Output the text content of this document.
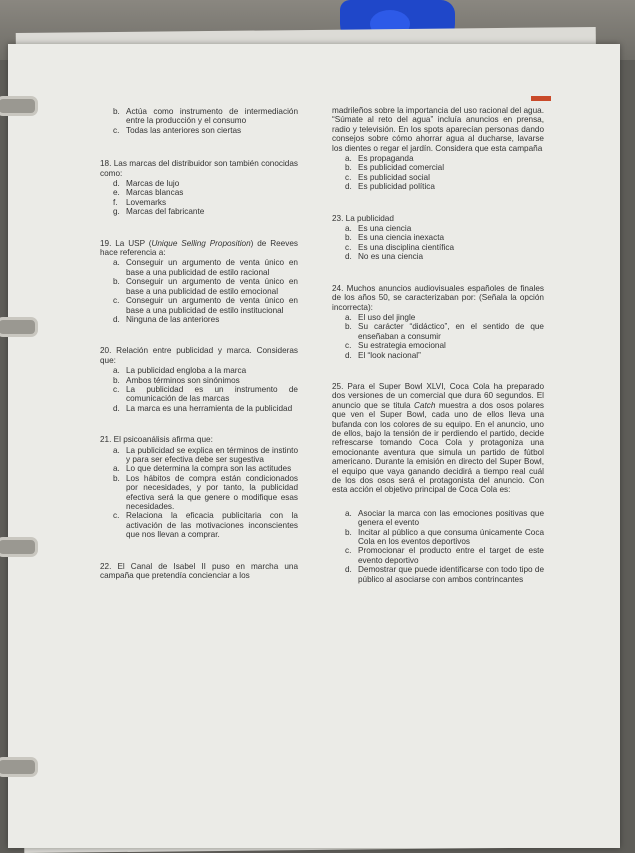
b. Actúa como instrumento de intermediación entre la producción y el consumo
c. Todas las anteriores son ciertas
18. Las marcas del distribuidor son también conocidas como:
d. Marcas de lujo
e. Marcas blancas
f. Lovemarks
g. Marcas del fabricante
19. La USP (Unique Selling Proposition) de Reeves hace referencia a:
a. Conseguir un argumento de venta único en base a una publicidad de estilo racional
b. Conseguir un argumento de venta único en base a una publicidad de estilo emocional
c. Conseguir un argumento de venta único en base a una publicidad de estilo institucional
d. Ninguna de las anteriores
20. Relación entre publicidad y marca. Consideras que:
a. La publicidad engloba a la marca
b. Ambos términos son sinónimos
c. La publicidad es un instrumento de comunicación de las marcas
d. La marca es una herramienta de la publicidad
21. El psicoanálisis afirma que:
a. La publicidad se explica en términos de instinto y para ser efectiva debe ser sugestiva
a. Lo que determina la compra son las actitudes
b. Los hábitos de compra están condicionados por necesidades, y por tanto, la publicidad efectiva será la que genere o modifique esas necesidades.
c. Relaciona la eficacia publicitaria con la activación de las motivaciones inconscientes que nos llevan a comprar.
22. El Canal de Isabel II puso en marcha una campaña que pretendía concienciar a los
madrileños sobre la importancia del uso racional del agua. “Súmate al reto del agua” incluía anuncios en prensa, radio y televisión. En los spots aparecían personas dando consejos sobre cómo ahorrar agua al ducharse, lavarse los dientes o regar el jardín. Considera que esta campaña
a. Es propaganda
b. Es publicidad comercial
c. Es publicidad social
d. Es publicidad política
23. La publicidad
a. Es una ciencia
b. Es una ciencia inexacta
c. Es una disciplina científica
d. No es una ciencia
24. Muchos anuncios audiovisuales españoles de finales de los años 50, se caracterizaban por: (Señala la opción incorrecta):
a. El uso del jingle
b. Su carácter “didáctico”, en el sentido de que enseñaban a consumir
c. Su estrategia emocional
d. El “look nacional”
25. Para el Super Bowl XLVI, Coca Cola ha preparado dos versiones de un comercial que dura 60 segundos. El anuncio que se titula Catch muestra a dos osos polares que ven el Super Bowl, cada uno de ellos lleva una bufanda con los colores de su equipo. En el anuncio, uno de ellos, bajo la tensión de ir perdiendo el partido, decide refrescarse tomando Coca Cola y protagoniza una emocionante aventura que simula un partido de fútbol americano. Durante la emisión en directo del Super Bowl, el equipo que vaya ganando decidirá a tiempo real cuál de los dos osos será el protagonista del anuncio. Con esta acción el objetivo principal de Coca Cola es:
a. Asociar la marca con las emociones positivas que genera el evento
b. Incitar al público a que consuma únicamente Coca Cola en los eventos deportivos
c. Promocionar el producto entre el target de este evento deportivo
d. Demostrar que puede identificarse con todo tipo de público al asociarse con ambos contrincantes
